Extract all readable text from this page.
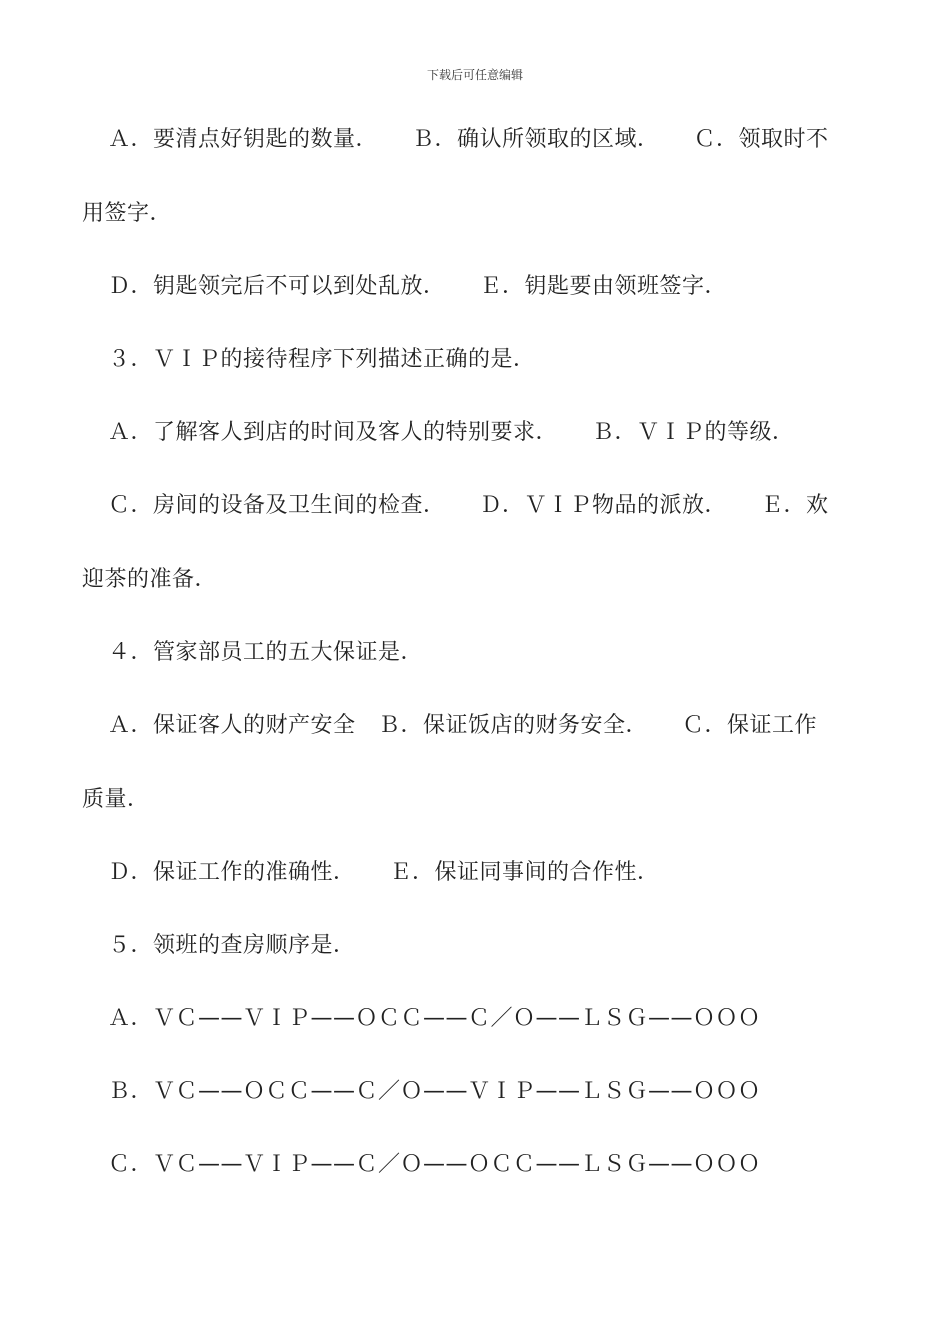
下载后可任意编辑
Ａ．要清点好钥匙的数量．　　Ｂ．确认所领取的区域．　　Ｃ．领取时不
用签字．
Ｄ．钥匙领完后不可以到处乱放．　　Ｅ．钥匙要由领班签字．
３．ＶＩＰ的接待程序下列描述正确的是．
Ａ．了解客人到店的时间及客人的特别要求．　　Ｂ．ＶＩＰ的等级．
Ｃ．房间的设备及卫生间的检查．　　Ｄ．ＶＩＰ物品的派放．　　Ｅ．欢
迎茶的准备．
４．管家部员工的五大保证是．
Ａ．保证客人的财产安全　Ｂ．保证饭店的财务安全．　　Ｃ．保证工作
质量．
Ｄ．保证工作的准确性．　　Ｅ．保证同事间的合作性．
５．领班的查房顺序是．
Ａ．ＶＣ——ＶＩＰ——ＯＣＣ——Ｃ／Ｏ——ＬＳＧ——ＯＯＯ
Ｂ．ＶＣ——ＯＣＣ——Ｃ／Ｏ——ＶＩＰ——ＬＳＧ——ＯＯＯ
Ｃ．ＶＣ——ＶＩＰ——Ｃ／Ｏ——ＯＣＣ——ＬＳＧ——ＯＯＯ
